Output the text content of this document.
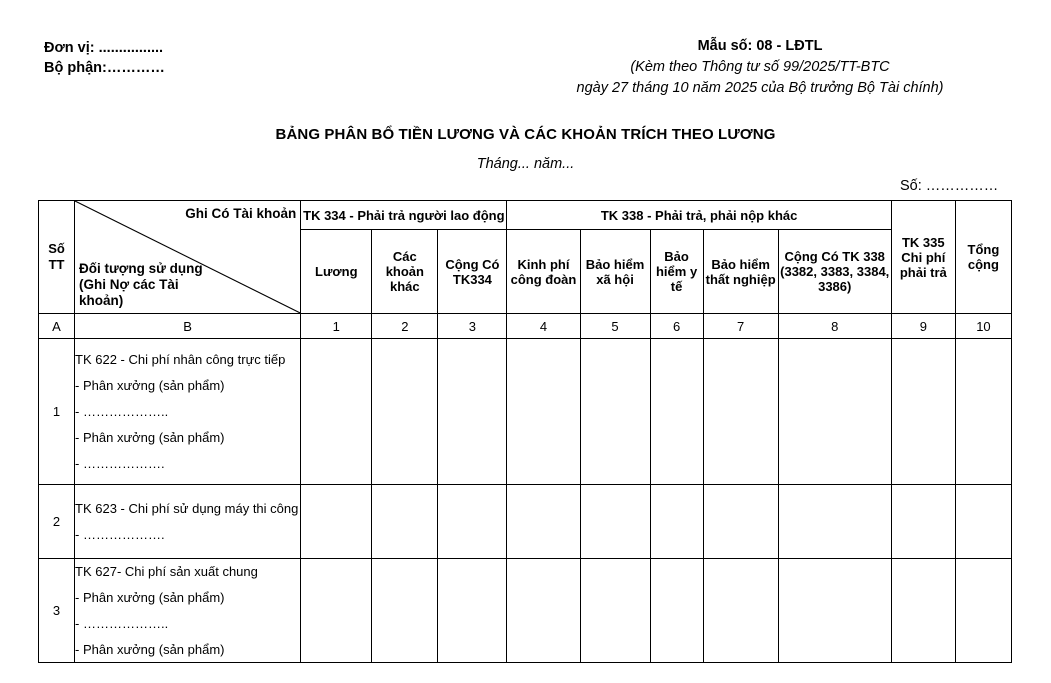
Đơn vị: ................
Bộ phận:…………
Mẫu số: 08 - LĐTL
(Kèm theo Thông tư số 99/2025/TT-BTC
ngày 27 tháng 10 năm 2025 của Bộ trưởng Bộ Tài chính)
BẢNG PHÂN BỔ TIỀN LƯƠNG VÀ CÁC KHOẢN TRÍCH THEO LƯƠNG
Tháng... năm...
Số: ……………
Số TT	Ghi Có Tài khoản
Đối tượng sử dụng (Ghi Nợ các Tài khoản)	TK 334 - Phải trả người lao động			TK 338 - Phải trả, phải nộp khác					TK 335 Chi phí phải trả	Tổng cộng
		Lương	Các khoản khác	Cộng Có TK334	Kinh phí công đoàn	Bảo hiểm xã hội	Bảo hiểm y tế	Bảo hiểm thất nghiệp	Cộng Có TK 338 (3382, 3383, 3384, 3386)		
A	B	1	2	3	4	5	6	7	8	9	10
1	TK 622 - Chi phí nhân công trực tiếp
- Phân xưởng (sản phẩm)
- ………………..
- Phân xưởng (sản phẩm)
- ……………….										

2	TK 623 - Chi phí sử dụng máy thi công
- ……………….										

3	TK 627- Chi phí sản xuất chung
- Phân xưởng (sản phẩm)
- ………………..
- Phân xưởng (sản phẩm)										
